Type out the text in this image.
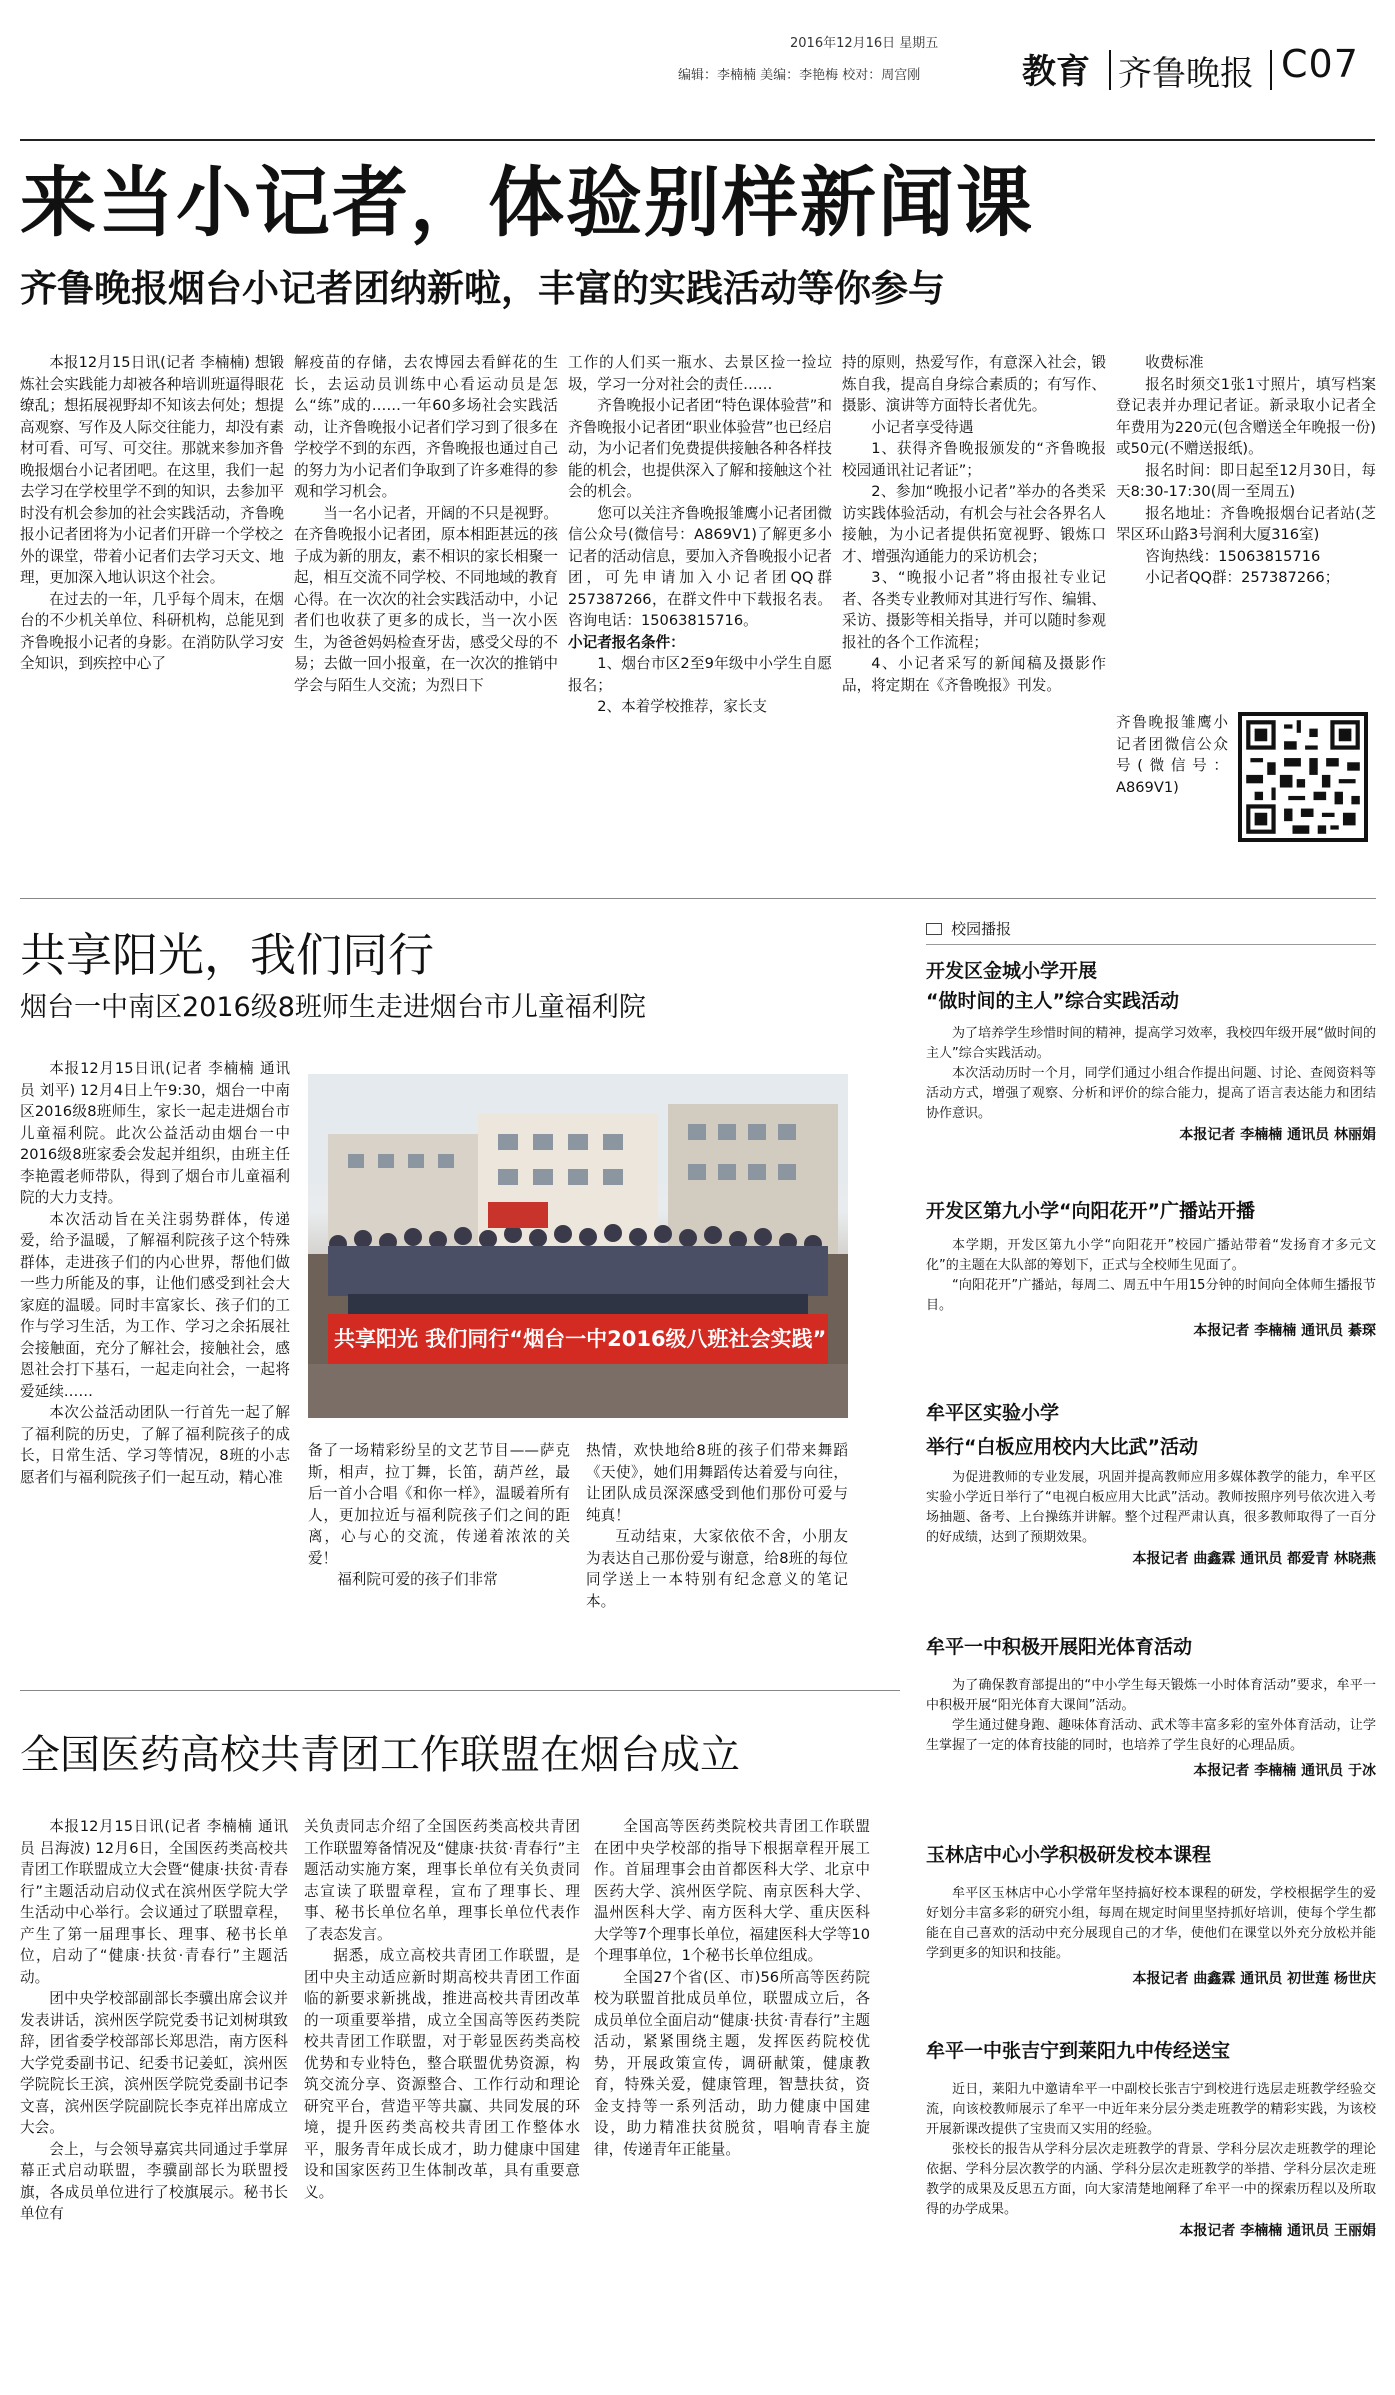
2016年12月16日 星期五
编辑：李楠楠 美编：李艳梅 校对：周宫刚	教育 齐鲁晚报 C07
来当小记者，体验别样新闻课
齐鲁晚报烟台小记者团纳新啦，丰富的实践活动等你参与

本报12月15日讯(记者 李楠楠) 想锻炼社会实践能力却被各种培训班逼得眼花缭乱；想拓展视野却不知该去何处；想提高观察、写作及人际交往能力，却没有素材可看、可写、可交往。那就来参加齐鲁晚报烟台小记者团吧。在这里，我们一起去学习在学校里学不到的知识，去参加平时没有机会参加的社会实践活动，齐鲁晚报小记者团将为小记者们开辟一个学校之外的课堂，带着小记者们去学习天文、地理，更加深入地认识这个社会。

在过去的一年，几乎每个周末，在烟台的不少机关单位、科研机构，总能见到齐鲁晚报小记者的身影。在消防队学习安全知识，到疾控中心了

解疫苗的存储，去农博园去看鲜花的生长，去运动员训练中心看运动员是怎么“练”成的……一年60多场社会实践活动，让齐鲁晚报小记者们学习到了很多在学校学不到的东西，齐鲁晚报也通过自己的努力为小记者们争取到了许多难得的参观和学习机会。

当一名小记者，开阔的不只是视野。在齐鲁晚报小记者团，原本相距甚远的孩子成为新的朋友，素不相识的家长相聚一起，相互交流不同学校、不同地域的教育心得。在一次次的社会实践活动中，小记者们也收获了更多的成长，当一次小医生，为爸爸妈妈检查牙齿，感受父母的不易；去做一回小报童，在一次次的推销中学会与陌生人交流；为烈日下

工作的人们买一瓶水、去景区捡一捡垃圾，学习一分对社会的责任……

齐鲁晚报小记者团“特色课体验营”和齐鲁晚报小记者团“职业体验营”也已经启动，为小记者们免费提供接触各种各样技能的机会，也提供深入了解和接触这个社会的机会。

您可以关注齐鲁晚报雏鹰小记者团微信公众号(微信号：A869V1)了解更多小记者的活动信息，要加入齐鲁晚报小记者团，可先申请加入小记者团QQ群257387266，在群文件中下载报名表。咨询电话：15063815716。

小记者报名条件：

1、烟台市区2至9年级中小学生自愿报名；

2、本着学校推荐，家长支

持的原则，热爱写作，有意深入社会，锻炼自我，提高自身综合素质的；有写作、摄影、演讲等方面特长者优先。

小记者享受待遇

1、获得齐鲁晚报颁发的“齐鲁晚报校园通讯社记者证”；

2、参加“晚报小记者”举办的各类采访实践体验活动，有机会与社会各界名人接触，为小记者提供拓宽视野、锻炼口才、增强沟通能力的采访机会；

3、“晚报小记者”将由报社专业记者、各类专业教师对其进行写作、编辑、采访、摄影等相关指导，并可以随时参观报社的各个工作流程；

4、小记者采写的新闻稿及摄影作品，将定期在《齐鲁晚报》刊发。

收费标准

报名时须交1张1寸照片，填写档案登记表并办理记者证。新录取小记者全年费用为220元(包含赠送全年晚报一份)或50元(不赠送报纸)。

报名时间：即日起至12月30日，每天8:30-17:30(周一至周五)

报名地址：齐鲁晚报烟台记者站(芝罘区环山路3号润利大厦316室)

咨询热线：15063815716

小记者QQ群：257387266；

齐鲁晚报雏鹰小记者团微信公众号(微信号：A869V1)

共享阳光，我们同行
烟台一中南区2016级8班师生走进烟台市儿童福利院

本报12月15日讯(记者 李楠楠 通讯员 刘平) 12月4日上午9:30，烟台一中南区2016级8班师生，家长一起走进烟台市儿童福利院。此次公益活动由烟台一中2016级8班家委会发起并组织，由班主任李艳霞老师带队，得到了烟台市儿童福利院的大力支持。

本次活动旨在关注弱势群体，传递爱，给予温暖，了解福利院孩子这个特殊群体，走进孩子们的内心世界，帮他们做一些力所能及的事，让他们感受到社会大家庭的温暖。同时丰富家长、孩子们的工作与学习生活，为工作、学习之余拓展社会接触面，充分了解社会，接触社会，感恩社会打下基石，一起走向社会，一起将爱延续……

本次公益活动团队一行首先一起了解了福利院的历史，了解了福利院孩子的成长，日常生活、学习等情况，8班的小志愿者们与福利院孩子们一起互动，精心准

共享阳光 我们同行“烟台一中2016级八班社会实践”

备了一场精彩纷呈的文艺节目——萨克斯，相声，拉丁舞，长笛，葫芦丝，最后一首小合唱《和你一样》，温暖着所有人，更加拉近与福利院孩子们之间的距离，心与心的交流，传递着浓浓的关爱！

福利院可爱的孩子们非常

热情，欢快地给8班的孩子们带来舞蹈《天使》，她们用舞蹈传达着爱与向往，让团队成员深深感受到他们那份可爱与纯真！

互动结束，大家依依不舍，小朋友为表达自己那份爱与谢意，给8班的每位同学送上一本特别有纪念意义的笔记本。

全国医药高校共青团工作联盟在烟台成立

本报12月15日讯(记者 李楠楠 通讯员 吕海波) 12月6日，全国医药类高校共青团工作联盟成立大会暨“健康·扶贫·青春行”主题活动启动仪式在滨州医学院大学生活动中心举行。会议通过了联盟章程，产生了第一届理事长、理事、秘书长单位，启动了“健康·扶贫·青春行”主题活动。

团中央学校部副部长李骥出席会议并发表讲话，滨州医学院党委书记刘树琪致辞，团省委学校部部长郑思浩，南方医科大学党委副书记、纪委书记姜虹，滨州医学院院长王滨，滨州医学院党委副书记李文喜，滨州医学院副院长李克祥出席成立大会。

会上，与会领导嘉宾共同通过手掌屏幕正式启动联盟，李骥副部长为联盟授旗，各成员单位进行了校旗展示。秘书长单位有

关负责同志介绍了全国医药类高校共青团工作联盟筹备情况及“健康·扶贫·青春行”主题活动实施方案，理事长单位有关负责同志宣读了联盟章程，宣布了理事长、理事、秘书长单位名单，理事长单位代表作了表态发言。

据悉，成立高校共青团工作联盟，是团中央主动适应新时期高校共青团工作面临的新要求新挑战，推进高校共青团改革的一项重要举措，成立全国高等医药类院校共青团工作联盟，对于彰显医药类高校优势和专业特色，整合联盟优势资源，构筑交流分享、资源整合、工作行动和理论研究平台，营造平等共赢、共同发展的环境，提升医药类高校共青团工作整体水平，服务青年成长成才，助力健康中国建设和国家医药卫生体制改革，具有重要意义。

全国高等医药类院校共青团工作联盟在团中央学校部的指导下根据章程开展工作。首届理事会由首都医科大学、北京中医药大学、滨州医学院、南京医科大学、温州医科大学、南方医科大学、重庆医科大学等7个理事长单位，福建医科大学等10个理事单位，1个秘书长单位组成。

全国27个省(区、市)56所高等医药院校为联盟首批成员单位，联盟成立后，各成员单位全面启动“健康·扶贫·青春行”主题活动，紧紧围绕主题，发挥医药院校优势，开展政策宣传，调研献策，健康教育，特殊关爱，健康管理，智慧扶贫，资金支持等一系列活动，助力健康中国建设，助力精准扶贫脱贫，唱响青春主旋律，传递青年正能量。

校园播报
开发区金城小学开展
“做时间的主人”综合实践活动

为了培养学生珍惜时间的精神，提高学习效率，我校四年级开展“做时间的主人”综合实践活动。

本次活动历时一个月，同学们通过小组合作提出问题、讨论、查阅资料等活动方式，增强了观察、分析和评价的综合能力，提高了语言表达能力和团结协作意识。

本报记者 李楠楠 通讯员 林丽娟
开发区第九小学“向阳花开”广播站开播

本学期，开发区第九小学“向阳花开”校园广播站带着“发扬育才多元文化”的主题在大队部的筹划下，正式与全校师生见面了。

“向阳花开”广播站，每周二、周五中午用15分钟的时间向全体师生播报节目。

本报记者 李楠楠 通讯员 綦琛
牟平区实验小学
举行“白板应用校内大比武”活动

为促进教师的专业发展，巩固并提高教师应用多媒体教学的能力，牟平区实验小学近日举行了“电视白板应用大比武”活动。教师按照序列号依次进入考场抽题、备考、上台操练并讲解。整个过程严肃认真，很多教师取得了一百分的好成绩，达到了预期效果。

本报记者 曲鑫霖 通讯员 都爱青 林晓燕
牟平一中积极开展阳光体育活动

为了确保教育部提出的“中小学生每天锻炼一小时体育活动”要求，牟平一中积极开展“阳光体育大课间”活动。

学生通过健身跑、趣味体育活动、武术等丰富多彩的室外体育活动，让学生掌握了一定的体育技能的同时，也培养了学生良好的心理品质。

本报记者 李楠楠 通讯员 于冰
玉林店中心小学积极研发校本课程

牟平区玉林店中心小学常年坚持搞好校本课程的研发，学校根据学生的爱好划分丰富多彩的研究小组，每周在规定时间里坚持抓好培训，使每个学生都能在自己喜欢的活动中充分展现自己的才华，使他们在课堂以外充分放松并能学到更多的知识和技能。

本报记者 曲鑫霖 通讯员 初世莲 杨世庆
牟平一中张吉宁到莱阳九中传经送宝

近日，莱阳九中邀请牟平一中副校长张吉宁到校进行选层走班教学经验交流，向该校教师展示了牟平一中近年来分层分类走班教学的精彩实践，为该校开展新课改提供了宝贵而又实用的经验。

张校长的报告从学科分层次走班教学的背景、学科分层次走班教学的理论依据、学科分层次教学的内涵、学科分层次走班教学的举措、学科分层次走班教学的成果及反思五方面，向大家清楚地阐释了牟平一中的探索历程以及所取得的办学成果。

本报记者 李楠楠 通讯员 王丽娟
